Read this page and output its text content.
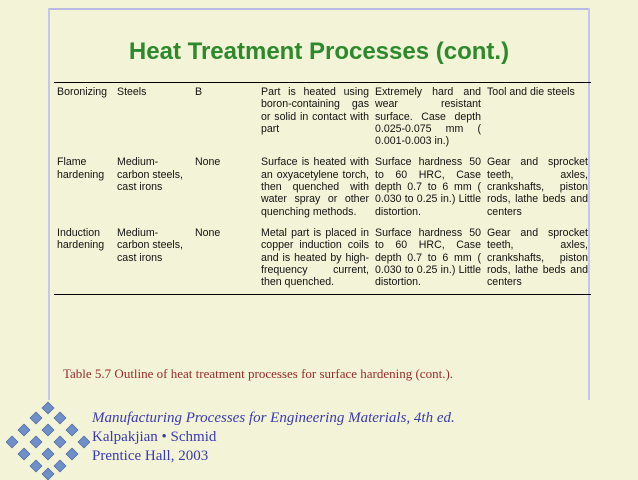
Heat Treatment Processes (cont.)
Boronizing	Steels	B	Part is heated using boron-containing gas or solid in contact with part	Extremely hard and wear resistant surface. Case depth 0.025-0.075 mm ( 0.001-0.003 in.)	Tool and die steels
Flame hardening	Medium-carbon steels, cast irons	None	Surface is heated with an oxyacetylene torch, then quenched with water spray or other quenching methods.	Surface hardness 50 to 60 HRC, Case depth 0.7 to 6 mm ( 0.030 to 0.25 in.) Little distortion.	Gear and sprocket teeth, axles, crankshafts, piston rods, lathe beds and centers
Induction hardening	Medium-carbon steels, cast irons	None	Metal part is placed in copper induction coils and is heated by high-frequency current, then quenched.	Surface hardness 50 to 60 HRC, Case depth 0.7 to 6 mm ( 0.030 to 0.25 in.) Little distortion.	Gear and sprocket teeth, axles, crankshafts, piston rods, lathe beds and centers
Table 5.7 Outline of heat treatment processes for surface hardening (cont.).
Manufacturing Processes for Engineering Materials, 4th ed.
Kalpakjian • Schmid
Prentice Hall, 2003
